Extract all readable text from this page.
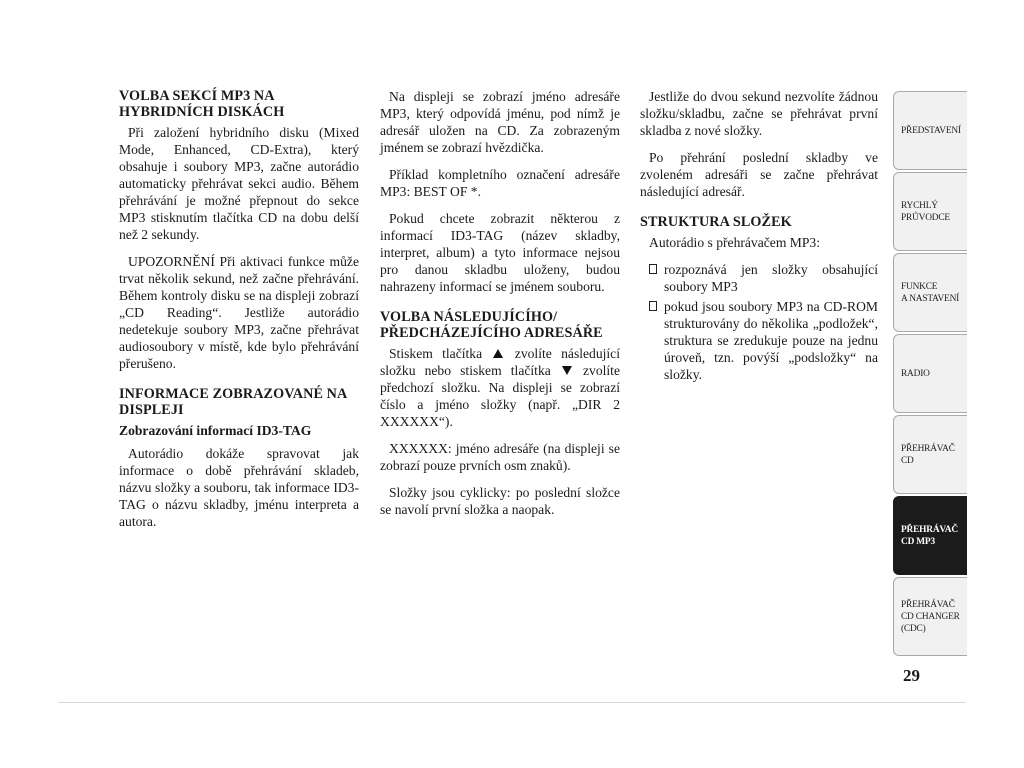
VOLBA SEKCÍ MP3 NA HYBRIDNÍCH DISKÁCH

Při založení hybridního disku (Mixed Mode, Enhanced, CD-Extra), který obsahuje i soubory MP3, začne autorádio automaticky přehrávat sekci audio. Během přehrávání je možné přepnout do sekce MP3 stisknutím tlačítka CD na dobu delší než 2 sekundy.

UPOZORNĚNÍ Při aktivaci funkce může trvat několik sekund, než začne přehrávání. Během kontroly disku se na displeji zobrazí „CD Reading“. Jestliže autorádio nedetekuje soubory MP3, začne přehrávat audiosoubory v místě, kde bylo přehrávání přerušeno.

INFORMACE ZOBRAZOVANÉ NA DISPLEJI
Zobrazování informací ID3-TAG

Autorádio dokáže spravovat jak informace o době přehrávání skladeb, názvu složky a souboru, tak informace ID3-TAG o názvu skladby, jménu interpreta a autora.

Na displeji se zobrazí jméno adresáře MP3, který odpovídá jménu, pod nímž je adresář uložen na CD. Za zobrazeným jménem se zobrazí hvězdička.

Příklad kompletního označení adresáře MP3: BEST OF *.

Pokud chcete zobrazit některou z informací ID3-TAG (název skladby, interpret, album) a tyto informace nejsou pro danou skladbu uloženy, budou nahrazeny informací se jménem souboru.

VOLBA NÁSLEDUJÍCÍHO/ PŘEDCHÁZEJÍCÍHO ADRESÁŘE

Stiskem tlačítka zvolíte následující složku nebo stiskem tlačítka zvolíte předchozí složku. Na displeji se zobrazí číslo a jméno složky (např. „DIR 2 XXXXXX“).

XXXXXX: jméno adresáře (na displeji se zobrazí pouze prvních osm znaků).

Složky jsou cyklicky: po poslední složce se navolí první složka a naopak.

Jestliže do dvou sekund nezvolíte žádnou složku/skladbu, začne se přehrávat první skladba z nové složky.

Po přehrání poslední skladby ve zvoleném adresáři se začne přehrávat následující adresář.

STRUKTURA SLOŽEK

Autorádio s přehrávačem MP3:

rozpoznává jen složky obsahující soubory MP3
pokud jsou soubory MP3 na CD-ROM strukturovány do několika „podložek“, struktura se zredukuje pouze na jednu úroveň, tzn. povýší „podsložky“ na složky.
PŘEDSTAVENÍ
RYCHLÝ
PRŮVODCE
FUNKCE
A NASTAVENÍ
RADIO
PŘEHRÁVAČ
CD
PŘEHRÁVAČ
CD MP3
PŘEHRÁVAČ
CD CHANGER
(CDC)
29
